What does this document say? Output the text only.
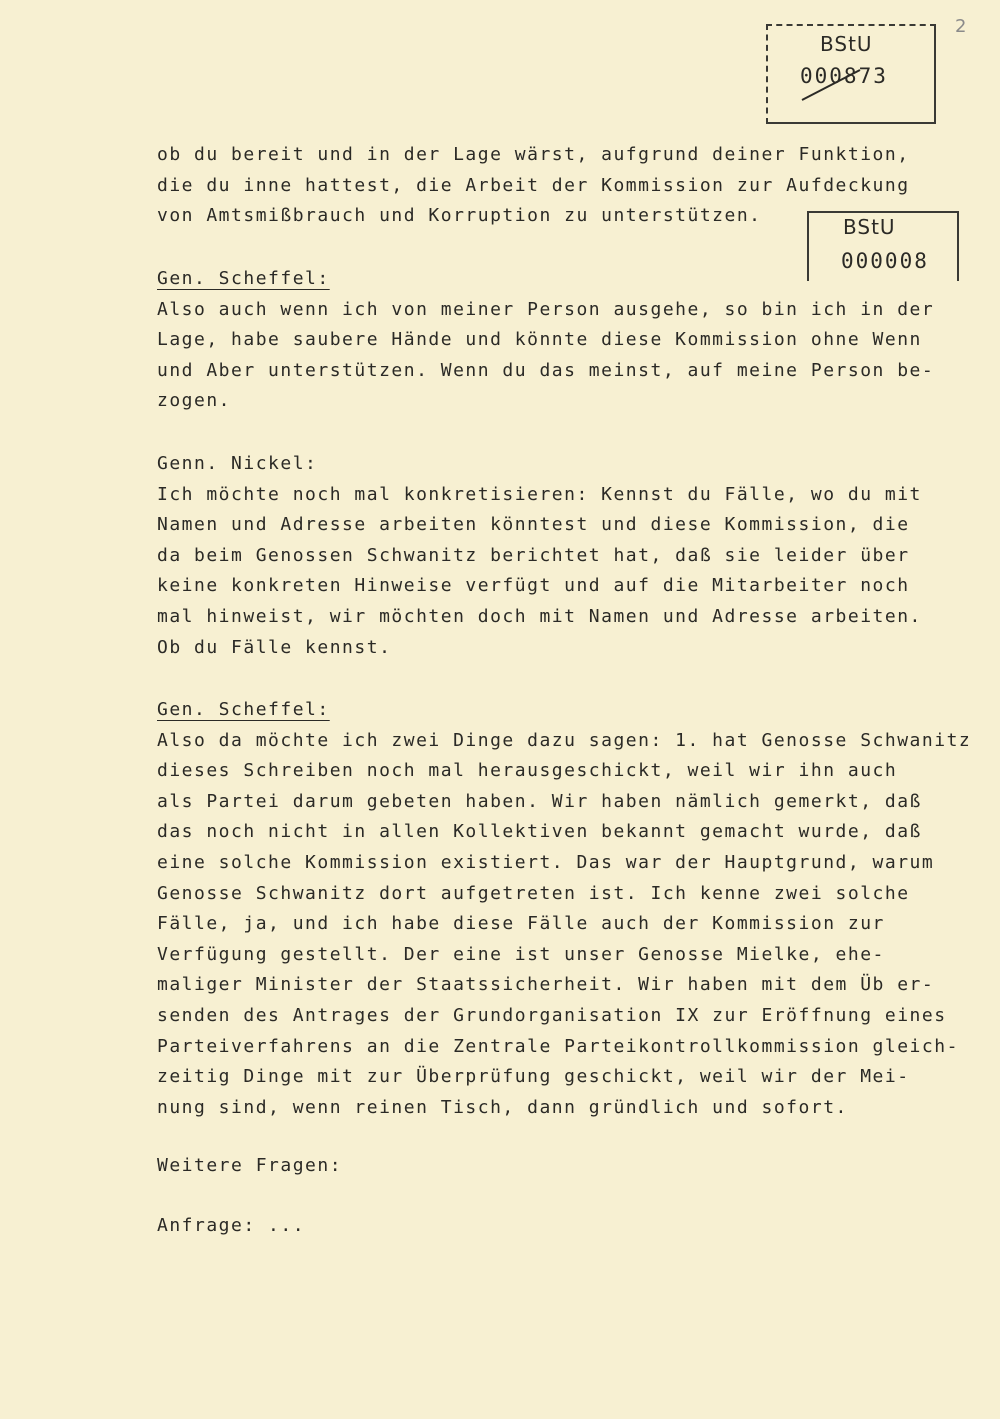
BStU
000873
BStU
000008
2
ob du bereit und in der Lage wärst, aufgrund deiner Funktion,
die du inne hattest, die Arbeit der Kommission zur Aufdeckung
von Amtsmißbrauch und Korruption zu unterstützen.
Gen. Scheffel:
Also auch wenn ich von meiner Person ausgehe, so bin ich in der
Lage, habe saubere Hände und könnte diese Kommission ohne Wenn
und Aber unterstützen. Wenn du das meinst, auf meine Person be-
zogen.
Genn. Nickel:
Ich möchte noch mal konkretisieren: Kennst du Fälle, wo du mit
Namen und Adresse arbeiten könntest und diese Kommission, die
da beim Genossen Schwanitz berichtet hat, daß sie leider über
keine konkreten Hinweise verfügt und auf die Mitarbeiter noch
mal hinweist, wir möchten doch mit Namen und Adresse arbeiten.
Ob du Fälle kennst.
Gen. Scheffel:
Also da möchte ich zwei Dinge dazu sagen: 1. hat Genosse Schwanitz
dieses Schreiben noch mal herausgeschickt, weil wir ihn auch
als Partei darum gebeten haben. Wir haben nämlich gemerkt, daß
das noch nicht in allen Kollektiven bekannt gemacht wurde, daß
eine solche Kommission existiert. Das war der Hauptgrund, warum
Genosse Schwanitz dort aufgetreten ist. Ich kenne zwei solche
Fälle, ja, und ich habe diese Fälle auch der Kommission zur
Verfügung gestellt. Der eine ist unser Genosse Mielke, ehe-
maliger Minister der Staatssicherheit. Wir haben mit dem Üb er-
senden des Antrages der Grundorganisation IX zur Eröffnung eines
Parteiverfahrens an die Zentrale Parteikontrollkommission gleich-
zeitig Dinge mit zur Überprüfung geschickt, weil wir der Mei-
nung sind, wenn reinen Tisch, dann gründlich und sofort.
Weitere Fragen:
Anfrage: ...
